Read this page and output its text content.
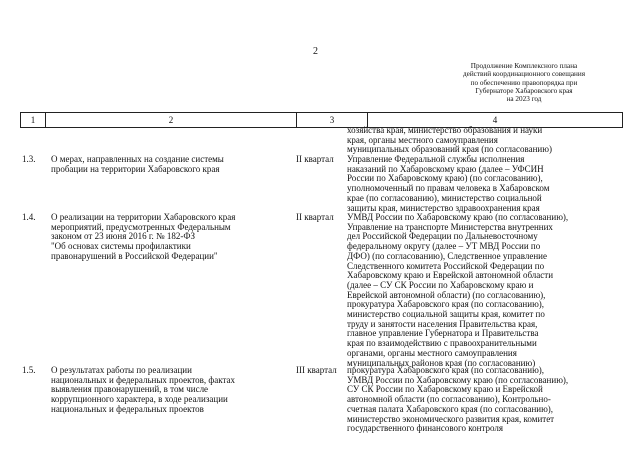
2
Продолжение Комплексного плана
действий координационного совещания
по обеспечению правопорядка при
Губернаторе Хабаровского края
на 2023 год
1	2	3	4
хозяйства края, министерство образования и науки
края, органы местного самоуправления
муниципальных образований края (по согласованию)
1.3. О мерах, направленных на создание системы
пробации на территории Хабаровского края
II квартал	Управление Федеральной службы исполнения
наказаний по Хабаровскому краю (далее – УФСИН
России по Хабаровскому краю) (по согласованию),
уполномоченный по правам человека в Хабаровском
крае (по согласованию), министерство социальной
защиты края, министерство здравоохранения края
1.4. О реализации на территории Хабаровского края
мероприятий, предусмотренных Федеральным
законом от 23 июня 2016 г. № 182-ФЗ
"Об основах системы профилактики
правонарушений в Российской Федерации"
II квартал	УМВД России по Хабаровскому краю (по согласованию),
Управление на транспорте Министерства внутренних
дел Российской Федерации по Дальневосточному
федеральному округу (далее – УТ МВД России по
ДФО) (по согласованию), Следственное управление
Следственного комитета Российской Федерации по
Хабаровскому краю и Еврейской автономной области
(далее – СУ СК России по Хабаровскому краю и
Еврейской автономной области) (по согласованию),
прокуратура Хабаровского края (по согласованию),
министерство социальной защиты края, комитет по
труду и занятости населения Правительства края,
главное управление Губернатора и Правительства
края по взаимодействию с правоохранительными
органами, органы местного самоуправления
муниципальных районов края (по согласованию)
1.5. О результатах работы по реализации
национальных и федеральных проектов, фактах
выявления правонарушений, в том числе
коррупционного характера, в ходе реализации
национальных и федеральных проектов
III квартал	прокуратура Хабаровского края (по согласованию),
УМВД России по Хабаровскому краю (по согласованию),
СУ СК России по Хабаровскому краю и Еврейской
автономной области (по согласованию), Контрольно-
счетная палата Хабаровского края (по согласованию),
министерство экономического развития края, комитет
государственного финансового контроля
